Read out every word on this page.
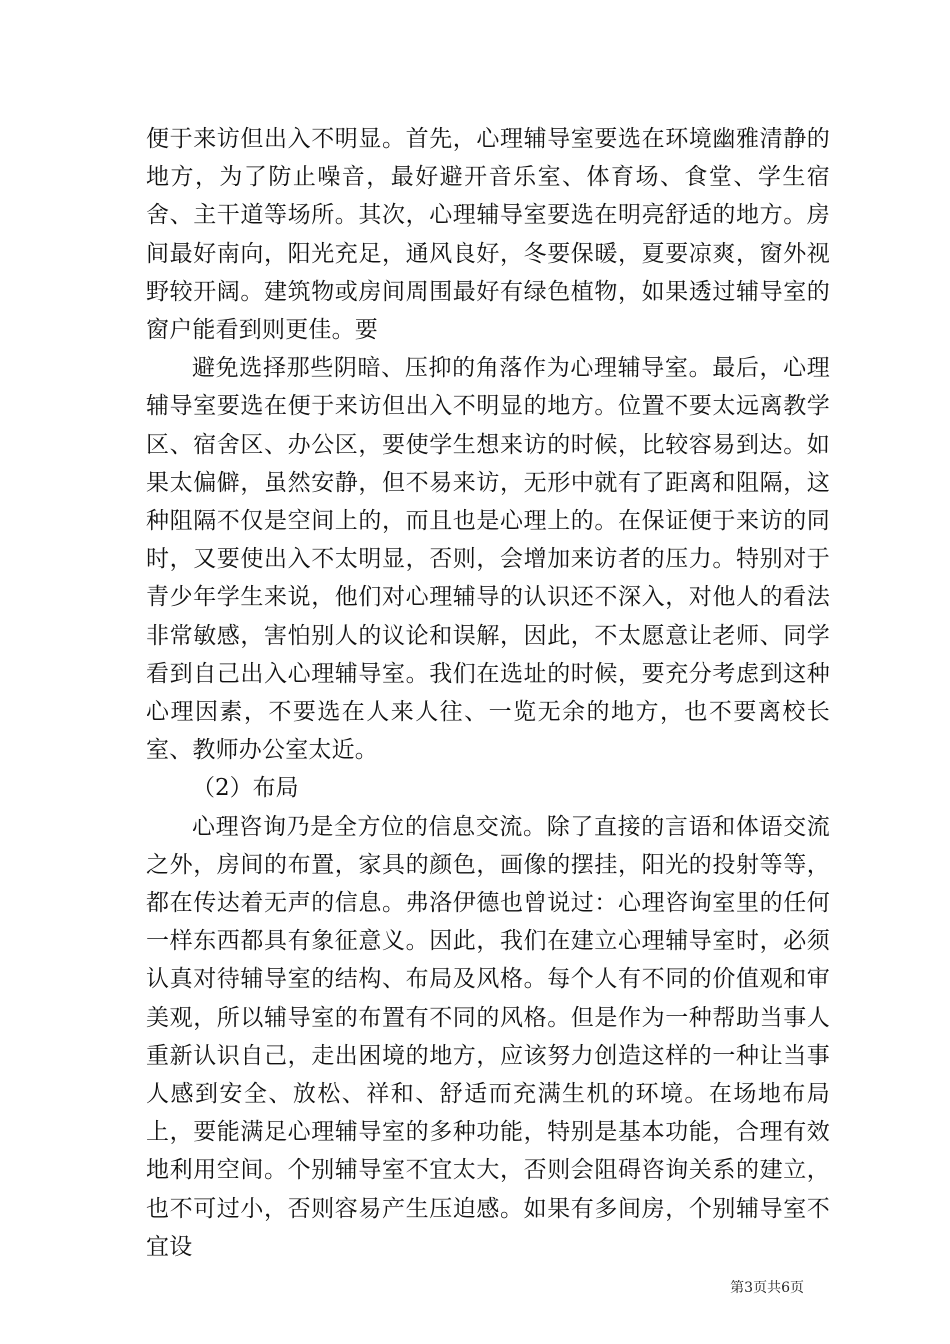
便于来访但出入不明显。首先，心理辅导室要选在环境幽雅清静的地方，为了防止噪音，最好避开音乐室、体育场、食堂、学生宿舍、主干道等场所。其次，心理辅导室要选在明亮舒适的地方。房间最好南向，阳光充足，通风良好，冬要保暖，夏要凉爽，窗外视野较开阔。建筑物或房间周围最好有绿色植物，如果透过辅导室的窗户能看到则更佳。要

避免选择那些阴暗、压抑的角落作为心理辅导室。最后，心理辅导室要选在便于来访但出入不明显的地方。位置不要太远离教学区、宿舍区、办公区，要使学生想来访的时候，比较容易到达。如果太偏僻，虽然安静，但不易来访，无形中就有了距离和阻隔，这种阻隔不仅是空间上的，而且也是心理上的。在保证便于来访的同时，又要使出入不太明显，否则，会增加来访者的压力。特别对于青少年学生来说，他们对心理辅导的认识还不深入，对他人的看法非常敏感，害怕别人的议论和误解，因此，不太愿意让老师、同学看到自己出入心理辅导室。我们在选址的时候，要充分考虑到这种心理因素，不要选在人来人往、一览无余的地方，也不要离校长室、教师办公室太近。

（2）布局

心理咨询乃是全方位的信息交流。除了直接的言语和体语交流之外，房间的布置，家具的颜色，画像的摆挂，阳光的投射等等，都在传达着无声的信息。弗洛伊德也曾说过：心理咨询室里的任何一样东西都具有象征意义。因此，我们在建立心理辅导室时，必须认真对待辅导室的结构、布局及风格。每个人有不同的价值观和审美观，所以辅导室的布置有不同的风格。但是作为一种帮助当事人重新认识自己，走出困境的地方，应该努力创造这样的一种让当事人感到安全、放松、祥和、舒适而充满生机的环境。在场地布局上，要能满足心理辅导室的多种功能，特别是基本功能，合理有效地利用空间。个别辅导室不宜太大，否则会阻碍咨询关系的建立，也不可过小，否则容易产生压迫感。如果有多间房，个别辅导室不宜设

第3页共6页
